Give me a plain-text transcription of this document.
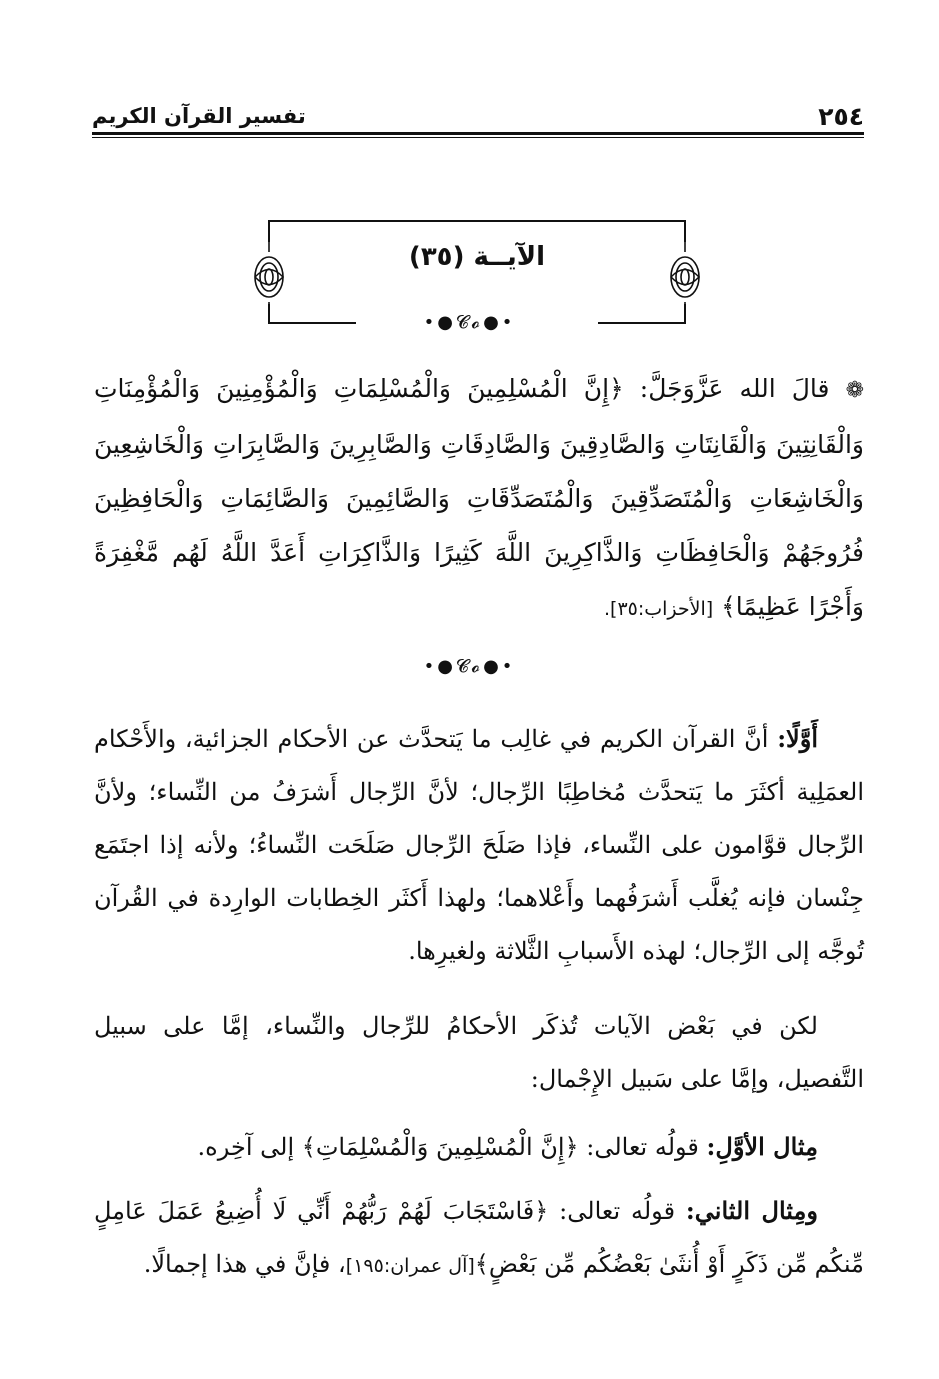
٢٥٤
تفسير القرآن الكريم
الآيــة (٣٥)
•●𝓒𝓸●•
❁ قالَ الله عَزَّوَجَلَّ: ﴿إِنَّ الْمُسْلِمِينَ وَالْمُسْلِمَاتِ وَالْمُؤْمِنِينَ وَالْمُؤْمِنَاتِ وَالْقَانِتِينَ وَالْقَانِتَاتِ وَالصَّادِقِينَ وَالصَّادِقَاتِ وَالصَّابِرِينَ وَالصَّابِرَاتِ وَالْخَاشِعِينَ وَالْخَاشِعَاتِ وَالْمُتَصَدِّقِينَ وَالْمُتَصَدِّقَاتِ وَالصَّائِمِينَ وَالصَّائِمَاتِ وَالْحَافِظِينَ فُرُوجَهُمْ وَالْحَافِظَاتِ وَالذَّاكِرِينَ اللَّهَ كَثِيرًا وَالذَّاكِرَاتِ أَعَدَّ اللَّهُ لَهُم مَّغْفِرَةً وَأَجْرًا عَظِيمًا﴾ [الأحزاب:٣٥].
•●𝓒𝓸●•

أَوَّلًا: أنَّ القرآن الكريم في غالِب ما يَتحدَّث عن الأحكام الجزائية، والأَحْكام العمَلِية أكثَرَ ما يَتحدَّث مُخاطِبًا الرِّجال؛ لأنَّ الرِّجال أَشرَفُ من النِّساء؛ ولأنَّ الرِّجال قوَّامون على النِّساء، فإذا صَلَحَ الرِّجال صَلَحَت النِّساءُ؛ ولأنه إذا اجتَمَع جِنْسان فإنه يُغلَّب أَشرَفُهما وأَعْلاهما؛ ولهذا أَكثَر الخِطابات الوارِدة في القُرآن تُوجَّه إلى الرِّجال؛ لهذه الأَسبابِ الثَّلاثة ولغيرِها.

لكن في بَعْض الآيات تُذكَر الأحكامُ للرِّجال والنِّساء، إمَّا على سبيل التَّفصيل، وإمَّا على سَبيل الإِجْمال:

مِثال الأوَّلِ: قولُه تعالى: ﴿إِنَّ الْمُسْلِمِينَ وَالْمُسْلِمَاتِ﴾ إلى آخِره.

ومِثال الثاني: قولُه تعالى: ﴿فَاسْتَجَابَ لَهُمْ رَبُّهُمْ أَنِّي لَا أُضِيعُ عَمَلَ عَامِلٍ مِّنكُم مِّن ذَكَرٍ أَوْ أُنثَىٰ بَعْضُكُم مِّن بَعْضٍ﴾[آل عمران:١٩٥]، فإنَّ في هذا إجمالًا.
